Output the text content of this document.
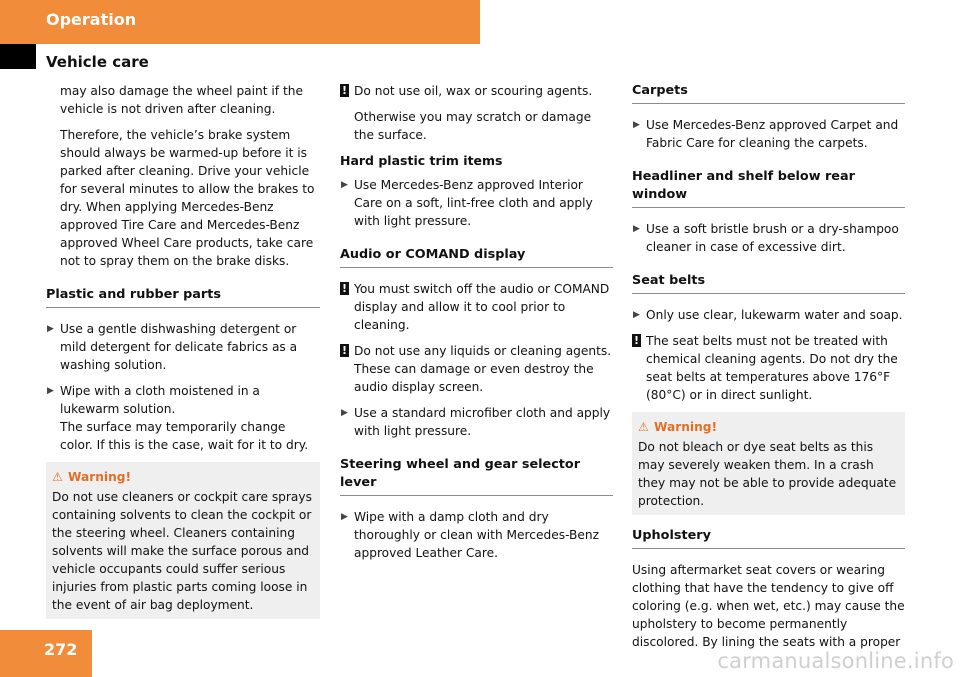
Operation
Vehicle care

may also damage the wheel paint if the vehicle is not driven after cleaning.

Therefore, the vehicle’s brake system should always be warmed-up before it is parked after cleaning. Drive your vehicle for several minutes to allow the brakes to dry. When applying Mercedes-Benz approved Tire Care and Mercedes-Benz approved Wheel Care products, take care not to spray them on the brake disks.

Plastic and rubber parts
▶ Use a gentle dishwashing detergent or mild detergent for delicate fabrics as a washing solution.
▶ Wipe with a cloth moistened in a lukewarm solution.
The surface may temporarily change color. If this is the case, wait for it to dry.
⚠ Warning!
Do not use cleaners or cockpit care sprays containing solvents to clean the cockpit or the steering wheel. Cleaners containing solvents will make the surface porous and vehicle occupants could suffer serious injuries from plastic parts coming loose in the event of air bag deployment.
! Do not use oil, wax or scouring agents.

Otherwise you may scratch or damage the surface.

Hard plastic trim items
▶ Use Mercedes-Benz approved Interior Care on a soft, lint-free cloth and apply with light pressure.
Audio or COMAND display
! You must switch off the audio or COMAND display and allow it to cool prior to cleaning.
! Do not use any liquids or cleaning agents. These can damage or even destroy the audio display screen.
▶ Use a standard microfiber cloth and apply with light pressure.
Steering wheel and gear selector lever
▶ Wipe with a damp cloth and dry thoroughly or clean with Mercedes-Benz approved Leather Care.
Carpets
▶ Use Mercedes-Benz approved Carpet and Fabric Care for cleaning the carpets.
Headliner and shelf below rear window
▶ Use a soft bristle brush or a dry-shampoo cleaner in case of excessive dirt.
Seat belts
▶ Only use clear, lukewarm water and soap.
! The seat belts must not be treated with chemical cleaning agents. Do not dry the seat belts at temperatures above 176°F (80°C) or in direct sunlight.
⚠ Warning!
Do not bleach or dye seat belts as this may severely weaken them. In a crash they may not be able to provide adequate protection.
Upholstery

Using aftermarket seat covers or wearing clothing that have the tendency to give off coloring (e.g. when wet, etc.) may cause the upholstery to become permanently discolored. By lining the seats with a proper

272	carmanualsonline.info
